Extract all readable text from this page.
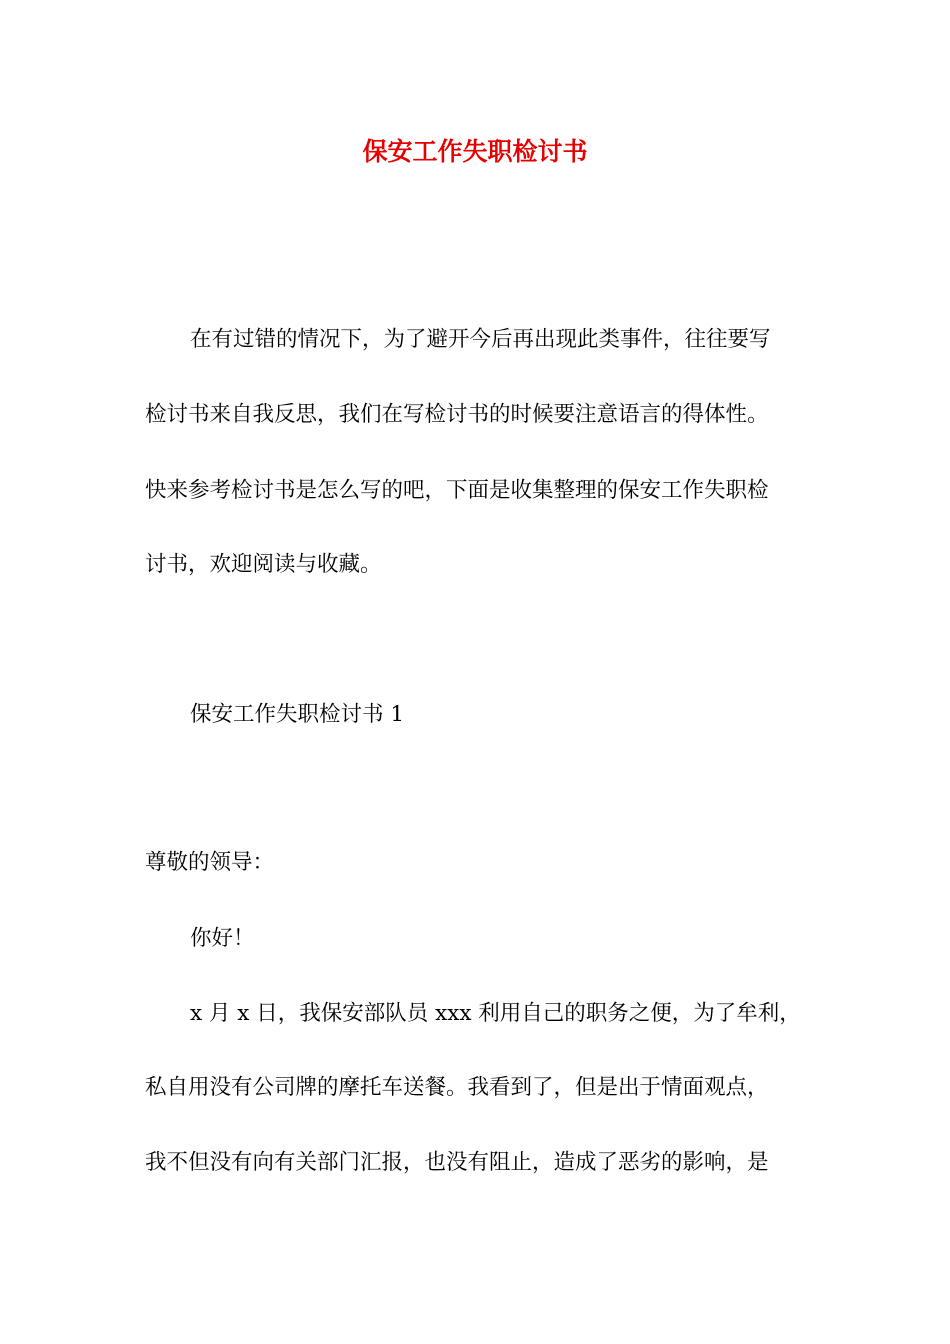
保安工作失职检讨书

在有过错的情况下，为了避开今后再出现此类事件，往往要写

检讨书来自我反思，我们在写检讨书的时候要注意语言的得体性。

快来参考检讨书是怎么写的吧，下面是收集整理的保安工作失职检

讨书，欢迎阅读与收藏。

保安工作失职检讨书 1

尊敬的领导：

你好！

x 月 x 日，我保安部队员 xxx 利用自己的职务之便，为了牟利，

私自用没有公司牌的摩托车送餐。我看到了，但是出于情面观点，

我不但没有向有关部门汇报，也没有阻止，造成了恶劣的影响，是
